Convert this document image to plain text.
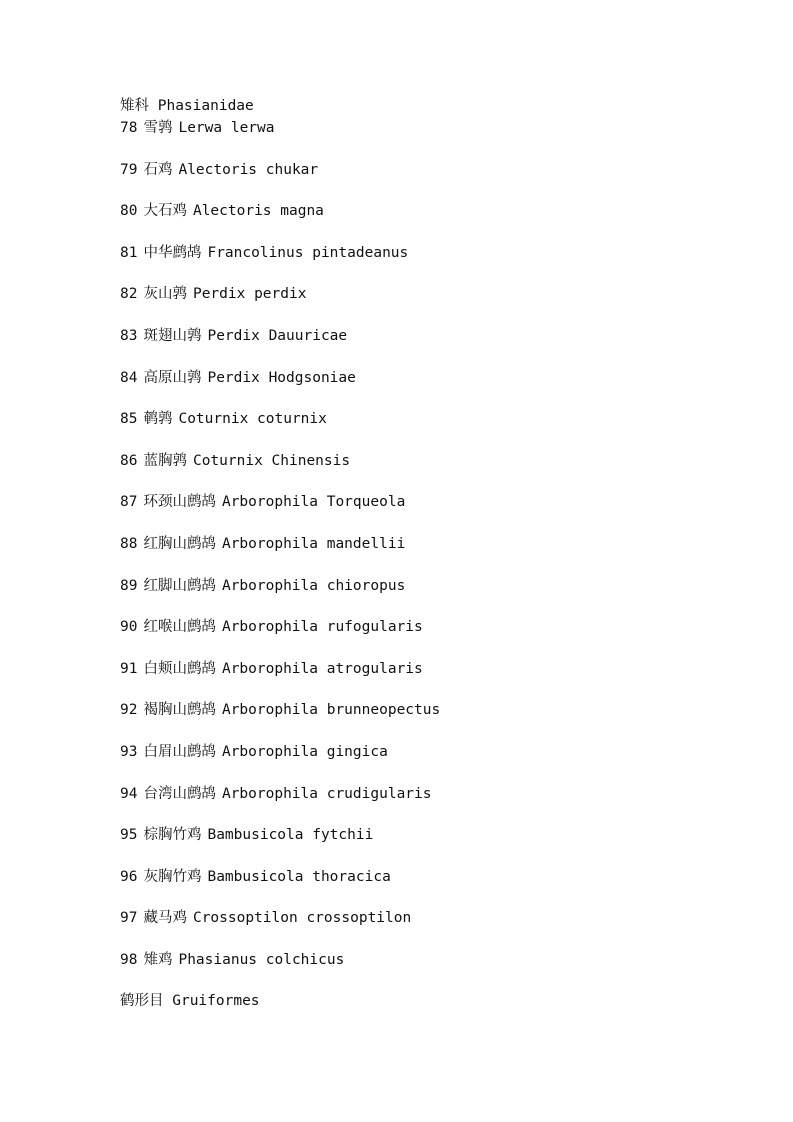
雉科 Phasianidae
78 雪鹑 Lerwa lerwa
79 石鸡 Alectoris chukar
80 大石鸡 Alectoris magna
81 中华鹧鸪 Francolinus pintadeanus
82 灰山鹑 Perdix perdix
83 斑翅山鹑 Perdix Dauuricae
84 高原山鹑 Perdix Hodgsoniae
85 鹌鹑 Coturnix coturnix
86 蓝胸鹑 Coturnix Chinensis
87 环颈山鹧鸪 Arborophila Torqueola
88 红胸山鹧鸪 Arborophila mandellii
89 红脚山鹧鸪 Arborophila chioropus
90 红喉山鹧鸪 Arborophila rufogularis
91 白颊山鹧鸪 Arborophila atrogularis
92 褐胸山鹧鸪 Arborophila brunneopectus
93 白眉山鹧鸪 Arborophila gingica
94 台湾山鹧鸪 Arborophila crudigularis
95 棕胸竹鸡 Bambusicola fytchii
96 灰胸竹鸡 Bambusicola thoracica
97 藏马鸡 Crossoptilon crossoptilon
98 雉鸡 Phasianus colchicus
鹤形目 Gruiformes
